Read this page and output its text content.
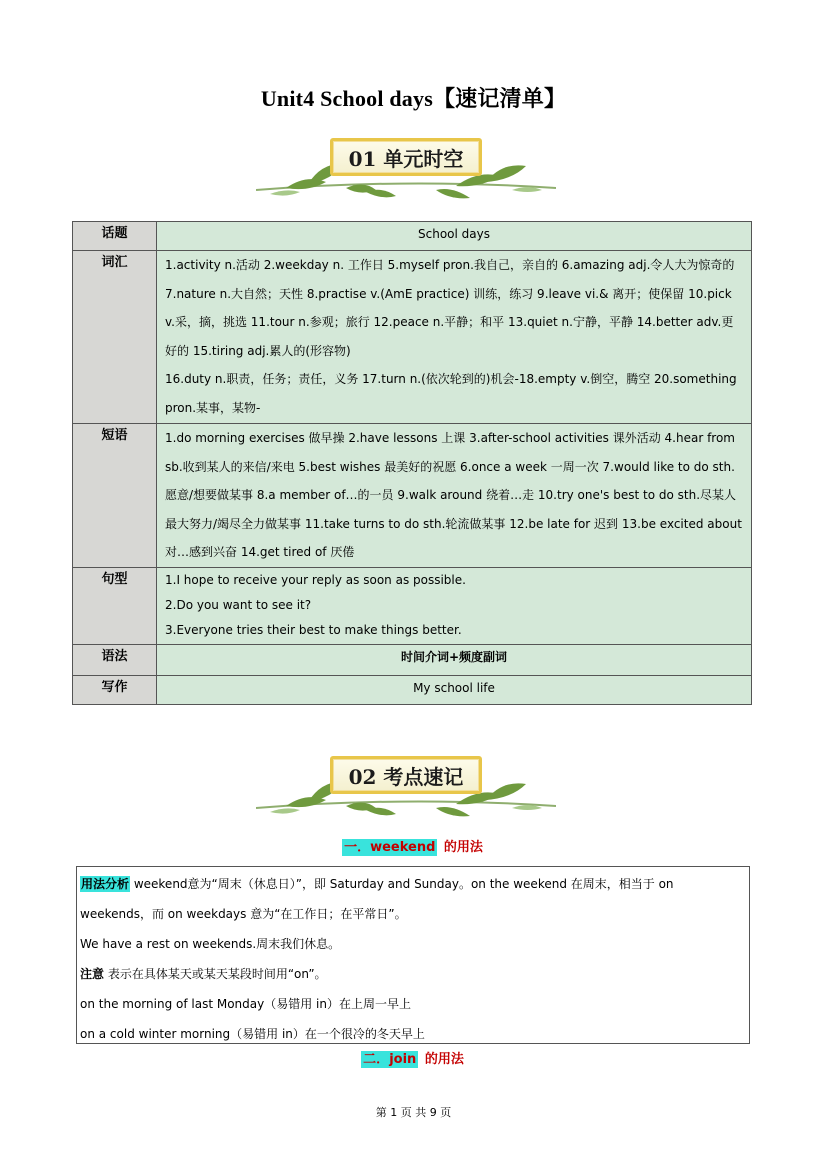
Unit4 School days【速记清单】
01 单元时空
话题	School days
词汇	1.activity n.活动 2.weekday n. 工作日 5.myself pron.我自己，亲自的 6.amazing adj.令人大为惊奇的 7.nature n.大自然；天性 8.practise v.(AmE practice) 训练，练习 9.leave vi.& 离开；使保留 10.pick v.采，摘，挑选 11.tour n.参观；旅行 12.peace n.平静；和平 13.quiet n.宁静，平静 14.better adv.更好的 15.tiring adj.累人的(形容物)
16.duty n.职责，任务；责任，义务 17.turn n.(依次轮到的)机会-18.empty v.倒空，腾空 20.something pron.某事，某物-

短语	1.do morning exercises 做早操 2.have lessons 上课 3.after-school activities 课外活动 4.hear from sb.收到某人的来信/来电 5.best wishes 最美好的祝愿 6.once a week 一周一次 7.would like to do sth.愿意/想要做某事 8.a member of…的一员 9.walk around 绕着…走 10.try one's best to do sth.尽某人最大努力/竭尽全力做某事 11.take turns to do sth.轮流做某事 12.be late for 迟到 13.be excited about 对…感到兴奋 14.get tired of 厌倦
句型	1.I hope to receive your reply as soon as possible.
2.Do you want to see it?
3.Everyone tries their best to make things better.

语法	时间介词+频度副词
写作	My school life
02 考点速记
一．weekend 的用法

用法分析 weekend意为“周末（休息日）”，即 Saturday and Sunday。on the weekend 在周末，相当于 on weekends，而 on weekdays 意为“在工作日；在平常日”。

We have a rest on weekends.周末我们休息。

注意 表示在具体某天或某天某段时间用“on”。

on the morning of last Monday（易错用 in）在上周一早上

on a cold winter morning（易错用 in）在一个很冷的冬天早上

二．join 的用法
第 1 页 共 9 页
